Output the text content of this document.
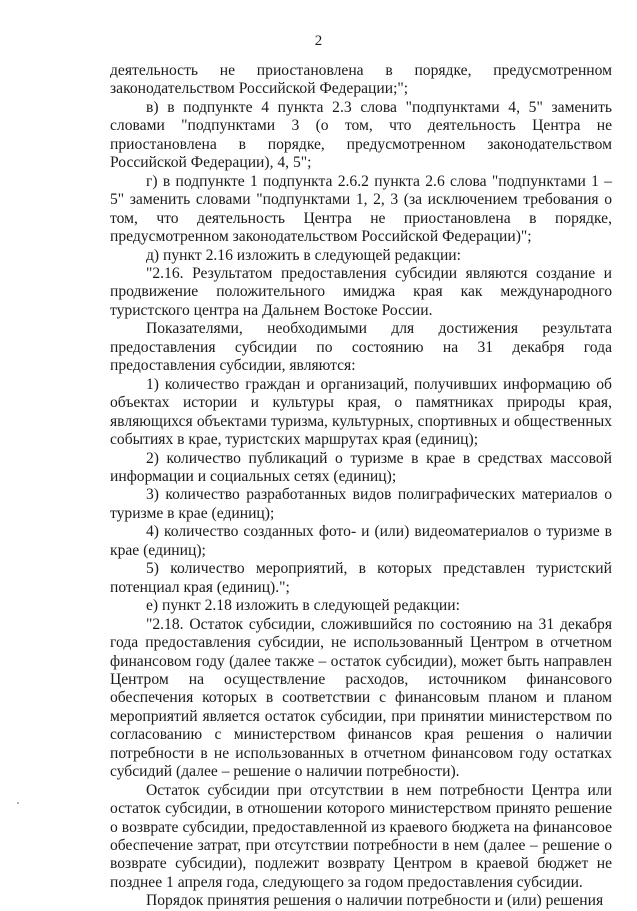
2

деятельность не приостановлена в порядке, предусмотренном законодательством Российской Федерации;";

в) в подпункте 4 пункта 2.3 слова "подпунктами 4, 5" заменить словами "подпунктами 3 (о том, что деятельность Центра не приостановлена в порядке, предусмотренном законодательством Российской Федерации), 4, 5";

г) в подпункте 1 подпункта 2.6.2 пункта 2.6 слова "подпунктами 1 – 5" заменить словами "подпунктами 1, 2, 3 (за исключением требования о том, что деятельность Центра не приостановлена в порядке, предусмотренном законодательством Российской Федерации)";

д) пункт 2.16 изложить в следующей редакции:

"2.16. Результатом предоставления субсидии являются создание и продвижение положительного имиджа края как международного туристского центра на Дальнем Востоке России.

Показателями, необходимыми для достижения результата предоставления субсидии по состоянию на 31 декабря года предоставления субсидии, являются:

1) количество граждан и организаций, получивших информацию об объектах истории и культуры края, о памятниках природы края, являющихся объектами туризма, культурных, спортивных и общественных событиях в крае, туристских маршрутах края (единиц);

2) количество публикаций о туризме в крае в средствах массовой информации и социальных сетях (единиц);

3) количество разработанных видов полиграфических материалов о туризме в крае (единиц);

4) количество созданных фото- и (или) видеоматериалов о туризме в крае (единиц);

5) количество мероприятий, в которых представлен туристский потенциал края (единиц).";

е) пункт 2.18 изложить в следующей редакции:

"2.18. Остаток субсидии, сложившийся по состоянию на 31 декабря года предоставления субсидии, не использованный Центром в отчетном финансовом году (далее также – остаток субсидии), может быть направлен Центром на осуществление расходов, источником финансового обеспечения которых в соответствии с финансовым планом и планом мероприятий является остаток субсидии, при принятии министерством по согласованию с министерством финансов края решения о наличии потребности в не использованных в отчетном финансовом году остатках субсидий (далее – решение о наличии потребности).

Остаток субсидии при отсутствии в нем потребности Центра или остаток субсидии, в отношении которого министерством принято решение о возврате субсидии, предоставленной из краевого бюджета на финансовое обеспечение затрат, при отсутствии потребности в нем (далее – решение о возврате субсидии), подлежит возврату Центром в краевой бюджет не позднее 1 апреля года, следующего за годом предоставления субсидии.

Порядок принятия решения о наличии потребности и (или) решения
